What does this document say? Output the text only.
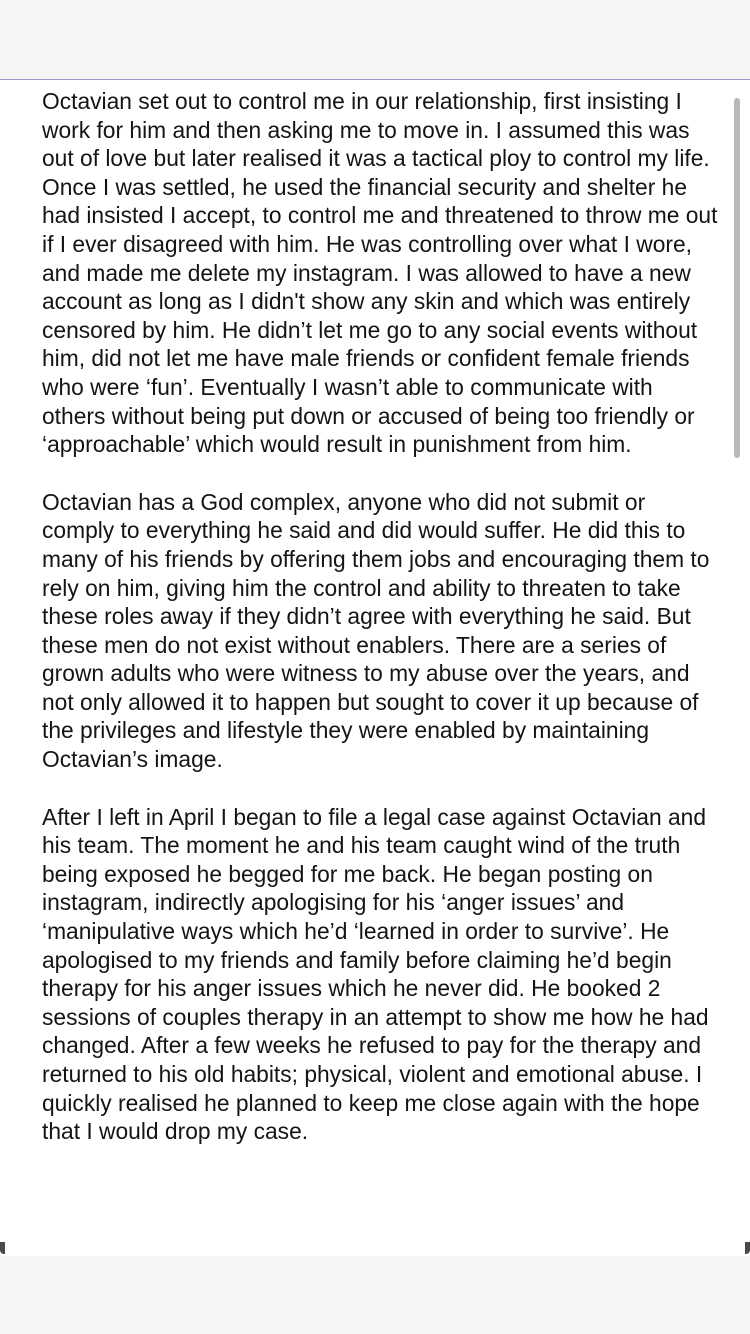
Octavian set out to control me in our relationship, first insisting I work for him and then asking me to move in. I assumed this was out of love but later realised it was a tactical ploy to control my life. Once I was settled, he used the financial security and shelter he had insisted I accept, to control me and threatened to throw me out if I ever disagreed with him. He was controlling over what I wore, and made me delete my instagram. I was allowed to have a new account as long as I didn't show any skin and which was entirely censored by him. He didn’t let me go to any social events without him, did not let me have male friends or confident female friends who were ‘fun’. Eventually I wasn’t able to communicate with others without being put down or accused of being too friendly or ‘approachable’ which would result in punishment from him.

Octavian has a God complex, anyone who did not submit or comply to everything he said and did would suffer. He did this to many of his friends by offering them jobs and encouraging them to rely on him, giving him the control and ability to threaten to take these roles away if they didn’t agree with everything he said. But these men do not exist without enablers. There are a series of grown adults who were witness to my abuse over the years, and not only allowed it to happen but sought to cover it up because of the privileges and lifestyle they were enabled by maintaining Octavian’s image.

After I left in April I began to file a legal case against Octavian and his team. The moment he and his team caught wind of the truth being exposed he begged for me back. He began posting on instagram, indirectly apologising for his ‘anger issues’ and ‘manipulative ways which he’d ‘learned in order to survive’. He apologised to my friends and family before claiming he’d begin therapy for his anger issues which he never did. He booked 2 sessions of couples therapy in an attempt to show me how he had changed. After a few weeks he refused to pay for the therapy and returned to his old habits; physical, violent and emotional abuse. I quickly realised he planned to keep me close again with the hope that I would drop my case.
